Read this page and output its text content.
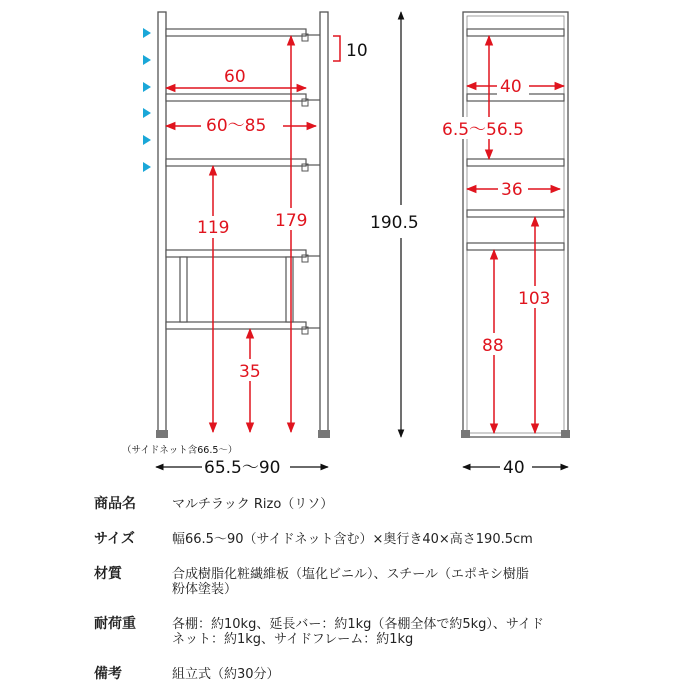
10
60
60～85
179
119
35
（サイドネット含66.5～）
65.5～90
190.5
40
6.5～56.5
36
103
88
40
商品名	マルチラック Rizo（リソ）
サイズ	幅66.5～90（サイドネット含む）×奥行き40×高さ190.5cm
材質	合成樹脂化粧繊維板（塩化ビニル）、スチール（エポキシ樹脂
粉体塗装）
耐荷重	各棚：約10kg、延長バー：約1kg（各棚全体で約5kg）、サイド
ネット：約1kg、サイドフレーム：約1kg
備考	組立式（約30分）
